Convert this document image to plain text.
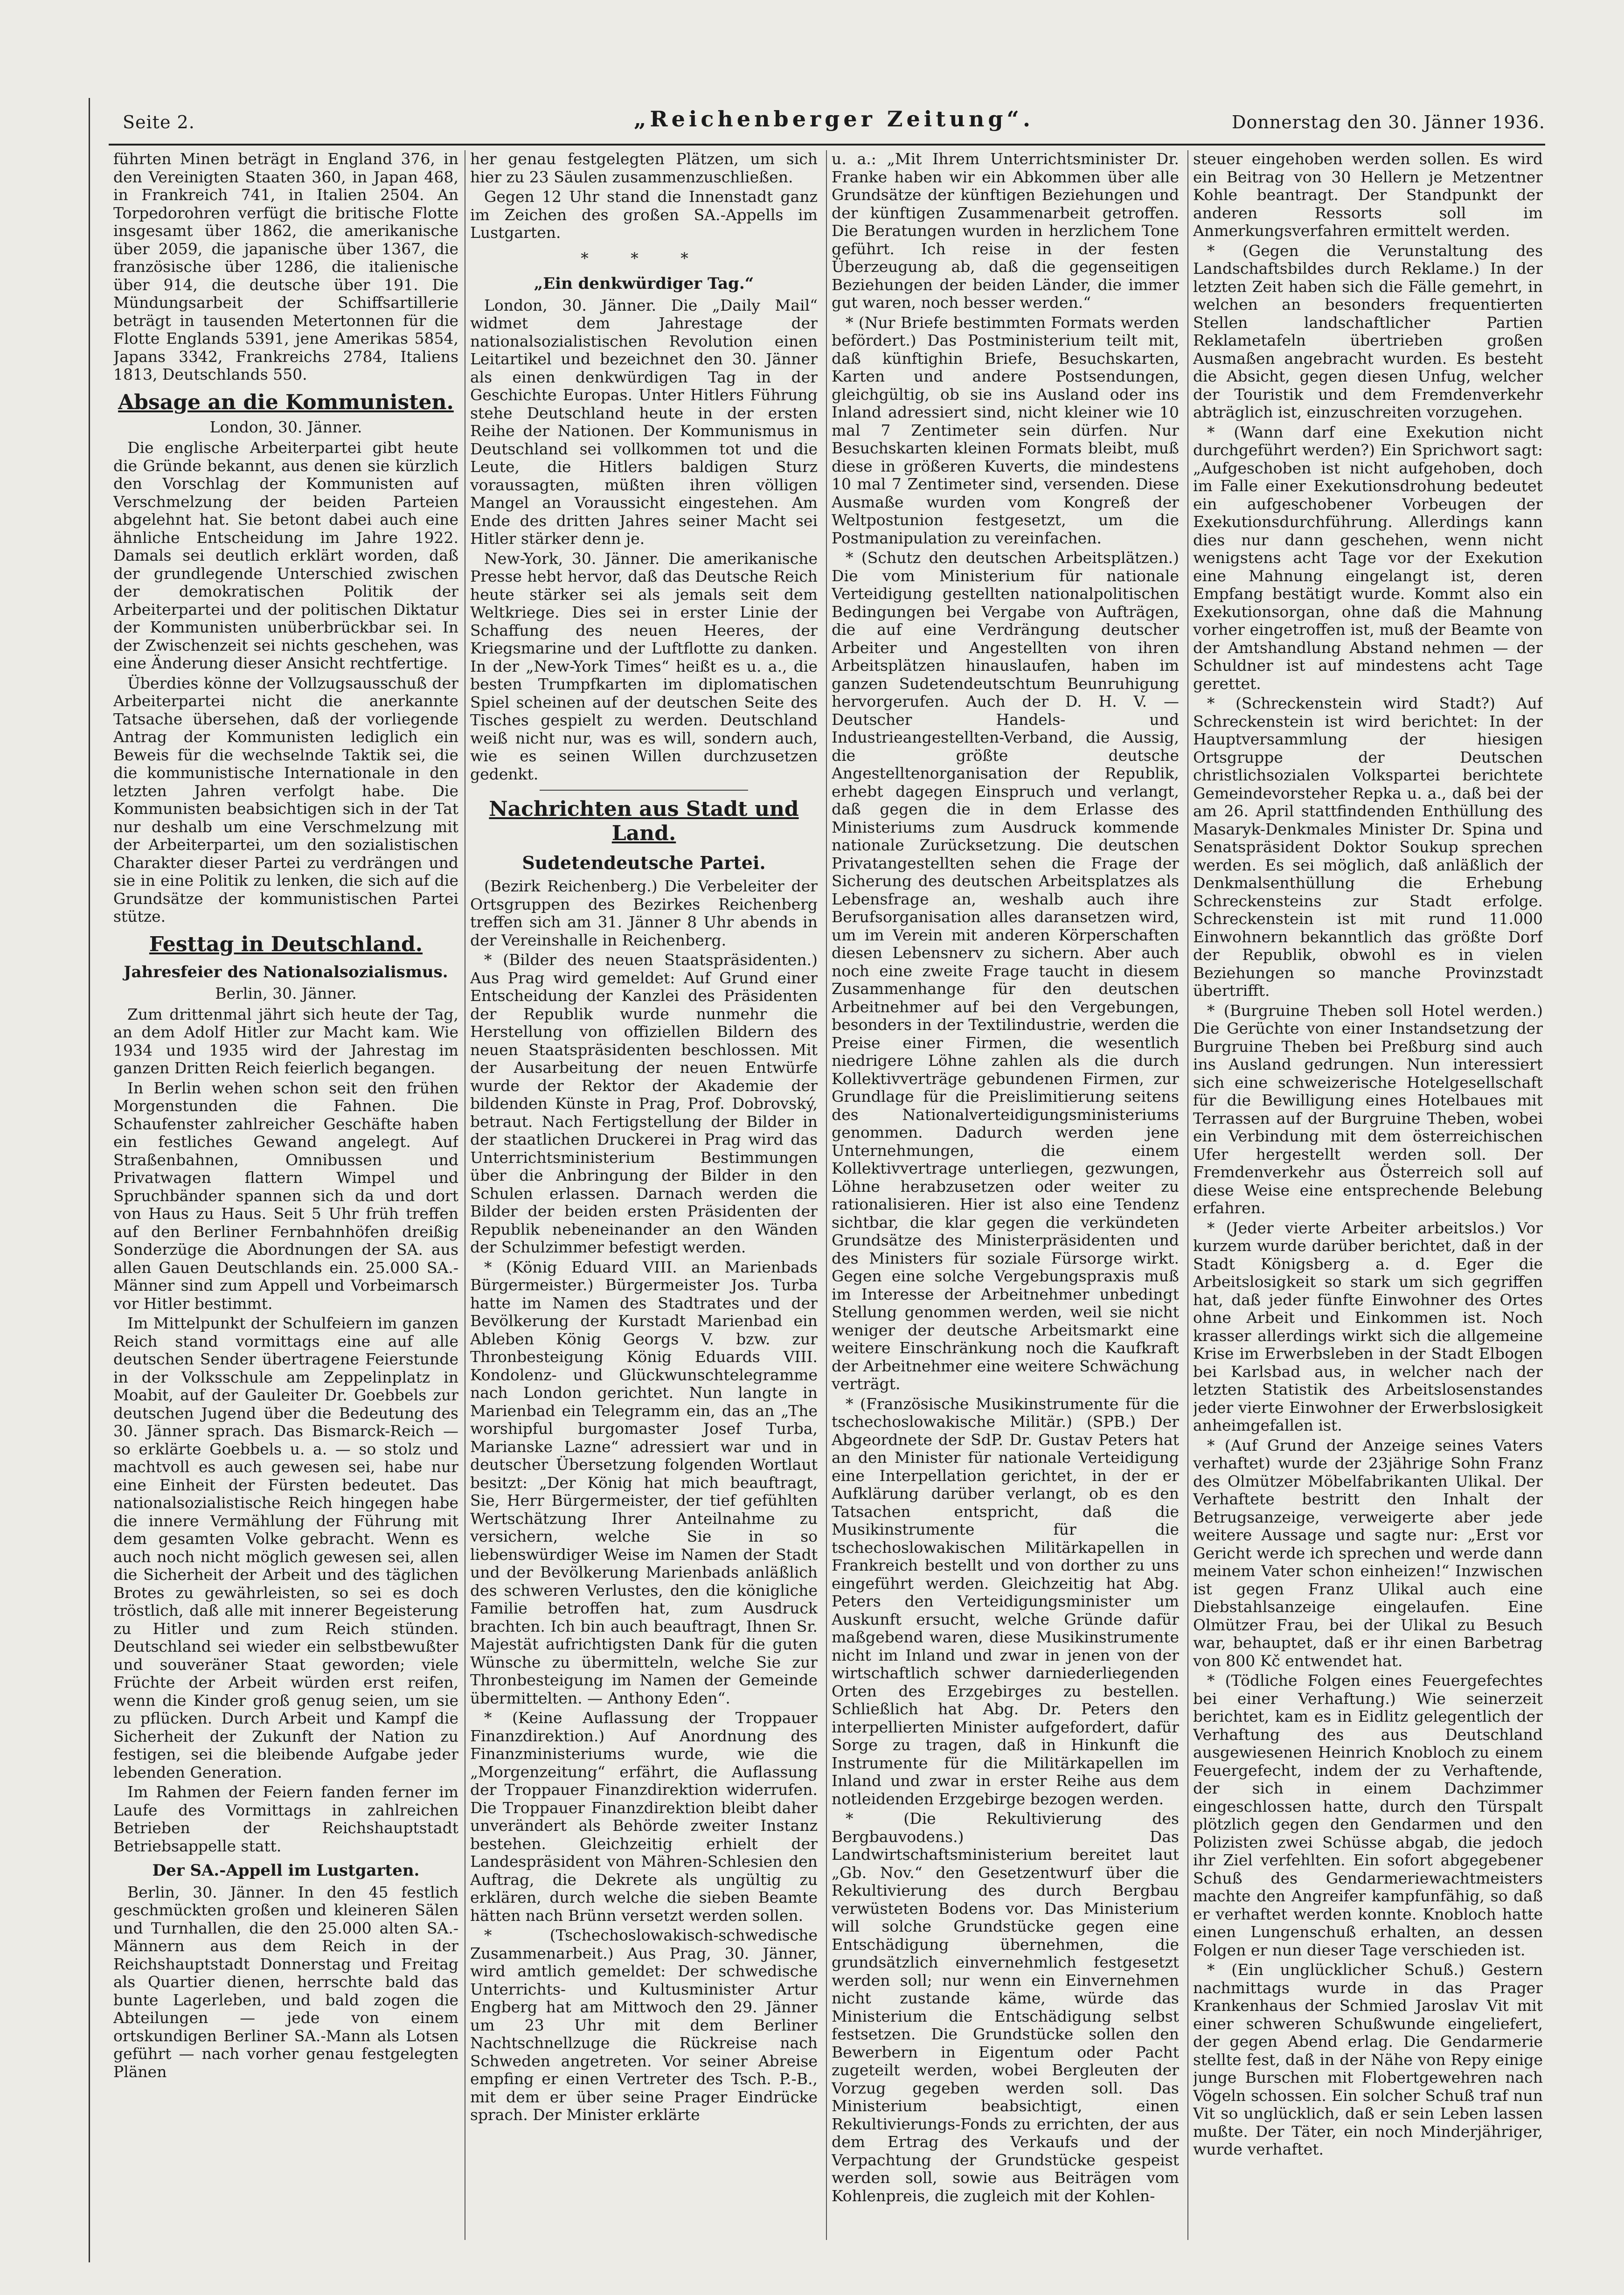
Seite 2.	„Reichenberger Zeitung“.	Donnerstag den 30. Jänner 1936.

führten Minen beträgt in England 376, in den Vereinigten Staaten 360, in Japan 468, in Frankreich 741, in Italien 2504. An Torpedorohren verfügt die britische Flotte insgesamt über 1862, die amerikanische über 2059, die japanische über 1367, die französische über 1286, die italienische über 914, die deutsche über 191. Die Mündungsarbeit der Schiffsartillerie beträgt in tausenden Metertonnen für die Flotte Englands 5391, jene Amerikas 5854, Japans 3342, Frankreichs 2784, Italiens 1813, Deutschlands 550.

Absage an die Kommunisten.
London, 30. Jänner.

Die englische Arbeiterpartei gibt heute die Gründe bekannt, aus denen sie kürzlich den Vorschlag der Kommunisten auf Verschmelzung der beiden Parteien abgelehnt hat. Sie betont dabei auch eine ähnliche Entscheidung im Jahre 1922. Damals sei deutlich erklärt worden, daß der grundlegende Unterschied zwischen der demokratischen Politik der Arbeiterpartei und der politischen Diktatur der Kommunisten unüberbrückbar sei. In der Zwischenzeit sei nichts geschehen, was eine Änderung dieser Ansicht rechtfertige.

Überdies könne der Vollzugsausschuß der Arbeiterpartei nicht die anerkannte Tatsache übersehen, daß der vorliegende Antrag der Kommunisten lediglich ein Beweis für die wechselnde Taktik sei, die die kommunistische Internationale in den letzten Jahren verfolgt habe. Die Kommunisten beabsichtigen sich in der Tat nur deshalb um eine Verschmelzung mit der Arbeiterpartei, um den sozialistischen Charakter dieser Partei zu verdrängen und sie in eine Politik zu lenken, die sich auf die Grundsätze der kommunistischen Partei stütze.

Festtag in Deutschland.
Jahresfeier des Nationalsozialismus.
Berlin, 30. Jänner.

Zum drittenmal jährt sich heute der Tag, an dem Adolf Hitler zur Macht kam. Wie 1934 und 1935 wird der Jahrestag im ganzen Dritten Reich feierlich begangen.

In Berlin wehen schon seit den frühen Morgenstunden die Fahnen. Die Schaufenster zahlreicher Geschäfte haben ein festliches Gewand angelegt. Auf Straßenbahnen, Omnibussen und Privatwagen flattern Wimpel und Spruchbänder spannen sich da und dort von Haus zu Haus. Seit 5 Uhr früh treffen auf den Berliner Fernbahnhöfen dreißig Sonderzüge die Abordnungen der SA. aus allen Gauen Deutschlands ein. 25.000 SA.-Männer sind zum Appell und Vorbeimarsch vor Hitler bestimmt.

Im Mittelpunkt der Schulfeiern im ganzen Reich stand vormittags eine auf alle deutschen Sender übertragene Feierstunde in der Volksschule am Zeppelinplatz in Moabit, auf der Gauleiter Dr. Goebbels zur deutschen Jugend über die Bedeutung des 30. Jänner sprach. Das Bismarck-Reich — so erklärte Goebbels u. a. — so stolz und machtvoll es auch gewesen sei, habe nur eine Einheit der Fürsten bedeutet. Das nationalsozialistische Reich hingegen habe die innere Vermählung der Führung mit dem gesamten Volke gebracht. Wenn es auch noch nicht möglich gewesen sei, allen die Sicherheit der Arbeit und des täglichen Brotes zu gewährleisten, so sei es doch tröstlich, daß alle mit innerer Begeisterung zu Hitler und zum Reich stünden. Deutschland sei wieder ein selbstbewußter und souveräner Staat geworden; viele Früchte der Arbeit würden erst reifen, wenn die Kinder groß genug seien, um sie zu pflücken. Durch Arbeit und Kampf die Sicherheit der Zukunft der Nation zu festigen, sei die bleibende Aufgabe jeder lebenden Generation.

Im Rahmen der Feiern fanden ferner im Laufe des Vormittags in zahlreichen Betrieben der Reichshauptstadt Betriebsappelle statt.

Der SA.-Appell im Lustgarten.

Berlin, 30. Jänner. In den 45 festlich geschmückten großen und kleineren Sälen und Turnhallen, die den 25.000 alten SA.-Männern aus dem Reich in der Reichshauptstadt Donnerstag und Freitag als Quartier dienen, herrschte bald das bunte Lagerleben, und bald zogen die Abteilungen — jede von einem ortskundigen Berliner SA.-Mann als Lotsen geführt — nach vorher genau festgelegten Plänen

her genau festgelegten Plätzen, um sich hier zu 23 Säulen zusammenzuschließen.

Gegen 12 Uhr stand die Innenstadt ganz im Zeichen des großen SA.-Appells im Lustgarten.

* * *
„Ein denkwürdiger Tag.“

London, 30. Jänner. Die „Daily Mail“ widmet dem Jahrestage der nationalsozialistischen Revolution einen Leitartikel und bezeichnet den 30. Jänner als einen denkwürdigen Tag in der Geschichte Europas. Unter Hitlers Führung stehe Deutschland heute in der ersten Reihe der Nationen. Der Kommunismus in Deutschland sei vollkommen tot und die Leute, die Hitlers baldigen Sturz voraussagten, müßten ihren völligen Mangel an Voraussicht eingestehen. Am Ende des dritten Jahres seiner Macht sei Hitler stärker denn je.

New-York, 30. Jänner. Die amerikanische Presse hebt hervor, daß das Deutsche Reich heute stärker sei als jemals seit dem Weltkriege. Dies sei in erster Linie der Schaffung des neuen Heeres, der Kriegsmarine und der Luftflotte zu danken. In der „New-York Times“ heißt es u. a., die besten Trumpfkarten im diplomatischen Spiel scheinen auf der deutschen Seite des Tisches gespielt zu werden. Deutschland weiß nicht nur, was es will, sondern auch, wie es seinen Willen durchzusetzen gedenkt.

Nachrichten aus Stadt und Land.
Sudetendeutsche Partei.

(Bezirk Reichenberg.) Die Verbeleiter der Ortsgruppen des Bezirkes Reichenberg treffen sich am 31. Jänner 8 Uhr abends in der Vereinshalle in Reichenberg.

* (Bilder des neuen Staatspräsidenten.) Aus Prag wird gemeldet: Auf Grund einer Entscheidung der Kanzlei des Präsidenten der Republik wurde nunmehr die Herstellung von offiziellen Bildern des neuen Staatspräsidenten beschlossen. Mit der Ausarbeitung der neuen Entwürfe wurde der Rektor der Akademie der bildenden Künste in Prag, Prof. Dobrovský, betraut. Nach Fertigstellung der Bilder in der staatlichen Druckerei in Prag wird das Unterrichtsministerium Bestimmungen über die Anbringung der Bilder in den Schulen erlassen. Darnach werden die Bilder der beiden ersten Präsidenten der Republik nebeneinander an den Wänden der Schulzimmer befestigt werden.

* (König Eduard VIII. an Marienbads Bürgermeister.) Bürgermeister Jos. Turba hatte im Namen des Stadtrates und der Bevölkerung der Kurstadt Marienbad ein Ableben König Georgs V. bzw. zur Thronbesteigung König Eduards VIII. Kondolenz- und Glückwunschtelegramme nach London gerichtet. Nun langte in Marienbad ein Telegramm ein, das an „The worshipful burgomaster Josef Turba, Marianske Lazne“ adressiert war und in deutscher Übersetzung folgenden Wortlaut besitzt: „Der König hat mich beauftragt, Sie, Herr Bürgermeister, der tief gefühlten Wertschätzung Ihrer Anteilnahme zu versichern, welche Sie in so liebenswürdiger Weise im Namen der Stadt und der Bevölkerung Marienbads anläßlich des schweren Verlustes, den die königliche Familie betroffen hat, zum Ausdruck brachten. Ich bin auch beauftragt, Ihnen Sr. Majestät aufrichtigsten Dank für die guten Wünsche zu übermitteln, welche Sie zur Thronbesteigung im Namen der Gemeinde übermittelten. — Anthony Eden“.

* (Keine Auflassung der Troppauer Finanzdirektion.) Auf Anordnung des Finanzministeriums wurde, wie die „Morgenzeitung“ erfährt, die Auflassung der Troppauer Finanzdirektion widerrufen. Die Troppauer Finanzdirektion bleibt daher unverändert als Behörde zweiter Instanz bestehen. Gleichzeitig erhielt der Landespräsident von Mähren-Schlesien den Auftrag, die Dekrete als ungültig zu erklären, durch welche die sieben Beamte hätten nach Brünn versetzt werden sollen.

* (Tschechoslowakisch-schwedische Zusammenarbeit.) Aus Prag, 30. Jänner, wird amtlich gemeldet: Der schwedische Unterrichts- und Kultusminister Artur Engberg hat am Mittwoch den 29. Jänner um 23 Uhr mit dem Berliner Nachtschnellzuge die Rückreise nach Schweden angetreten. Vor seiner Abreise empfing er einen Vertreter des Tsch. P.-B., mit dem er über seine Prager Eindrücke sprach. Der Minister erklärte

u. a.: „Mit Ihrem Unterrichtsminister Dr. Franke haben wir ein Abkommen über alle Grundsätze der künftigen Beziehungen und der künftigen Zusammenarbeit getroffen. Die Beratungen wurden in herzlichem Tone geführt. Ich reise in der festen Überzeugung ab, daß die gegenseitigen Beziehungen der beiden Länder, die immer gut waren, noch besser werden.“

* (Nur Briefe bestimmten Formats werden befördert.) Das Postministerium teilt mit, daß künftighin Briefe, Besuchskarten, Karten und andere Postsendungen, gleichgültig, ob sie ins Ausland oder ins Inland adressiert sind, nicht kleiner wie 10 mal 7 Zentimeter sein dürfen. Nur Besuchskarten kleinen Formats bleibt, muß diese in größeren Kuverts, die mindestens 10 mal 7 Zentimeter sind, versenden. Diese Ausmaße wurden vom Kongreß der Weltpostunion festgesetzt, um die Postmanipulation zu vereinfachen.

* (Schutz den deutschen Arbeitsplätzen.) Die vom Ministerium für nationale Verteidigung gestellten nationalpolitischen Bedingungen bei Vergabe von Aufträgen, die auf eine Verdrängung deutscher Arbeiter und Angestellten von ihren Arbeitsplätzen hinauslaufen, haben im ganzen Sudetendeutschtum Beunruhigung hervorgerufen. Auch der D. H. V. — Deutscher Handels- und Industrieangestellten-Verband, die Aussig, die größte deutsche Angestelltenorganisation der Republik, erhebt dagegen Einspruch und verlangt, daß gegen die in dem Erlasse des Ministeriums zum Ausdruck kommende nationale Zurücksetzung. Die deutschen Privatangestellten sehen die Frage der Sicherung des deutschen Arbeitsplatzes als Lebensfrage an, weshalb auch ihre Berufsorganisation alles daransetzen wird, um im Verein mit anderen Körperschaften diesen Lebensnerv zu sichern. Aber auch noch eine zweite Frage taucht in diesem Zusammenhange für den deutschen Arbeitnehmer auf bei den Vergebungen, besonders in der Textilindustrie, werden die Preise einer Firmen, die wesentlich niedrigere Löhne zahlen als die durch Kollektivverträge gebundenen Firmen, zur Grundlage für die Preislimitierung seitens des Nationalverteidigungsministeriums genommen. Dadurch werden jene Unternehmungen, die einem Kollektivvertrage unterliegen, gezwungen, Löhne herabzusetzen oder weiter zu rationalisieren. Hier ist also eine Tendenz sichtbar, die klar gegen die verkündeten Grundsätze des Ministerpräsidenten und des Ministers für soziale Fürsorge wirkt. Gegen eine solche Vergebungspraxis muß im Interesse der Arbeitnehmer unbedingt Stellung genommen werden, weil sie nicht weniger der deutsche Arbeitsmarkt eine weitere Einschränkung noch die Kaufkraft der Arbeitnehmer eine weitere Schwächung verträgt.

* (Französische Musikinstrumente für die tschechoslowakische Militär.) (SPB.) Der Abgeordnete der SdP. Dr. Gustav Peters hat an den Minister für nationale Verteidigung eine Interpellation gerichtet, in der er Aufklärung darüber verlangt, ob es den Tatsachen entspricht, daß die Musikinstrumente für die tschechoslowakischen Militärkapellen in Frankreich bestellt und von dorther zu uns eingeführt werden. Gleichzeitig hat Abg. Peters den Verteidigungsminister um Auskunft ersucht, welche Gründe dafür maßgebend waren, diese Musikinstrumente nicht im Inland und zwar in jenen von der wirtschaftlich schwer darniederliegenden Orten des Erzgebirges zu bestellen. Schließlich hat Abg. Dr. Peters den interpellierten Minister aufgefordert, dafür Sorge zu tragen, daß in Hinkunft die Instrumente für die Militärkapellen im Inland und zwar in erster Reihe aus dem notleidenden Erzgebirge bezogen werden.

* (Die Rekultivierung des Bergbauvodens.) Das Landwirtschaftsministerium bereitet laut „Gb. Nov.“ den Gesetzentwurf über die Rekultivierung des durch Bergbau verwüsteten Bodens vor. Das Ministerium will solche Grundstücke gegen eine Entschädigung übernehmen, die grundsätzlich einvernehmlich festgesetzt werden soll; nur wenn ein Einvernehmen nicht zustande käme, würde das Ministerium die Entschädigung selbst festsetzen. Die Grundstücke sollen den Bewerbern in Eigentum oder Pacht zugeteilt werden, wobei Bergleuten der Vorzug gegeben werden soll. Das Ministerium beabsichtigt, einen Rekultivierungs-Fonds zu errichten, der aus dem Ertrag des Verkaufs und der Verpachtung der Grundstücke gespeist werden soll, sowie aus Beiträgen vom Kohlenpreis, die zugleich mit der Kohlen-

steuer eingehoben werden sollen. Es wird ein Beitrag von 30 Hellern je Metzentner Kohle beantragt. Der Standpunkt der anderen Ressorts soll im Anmerkungsverfahren ermittelt werden.

* (Gegen die Verunstaltung des Landschaftsbildes durch Reklame.) In der letzten Zeit haben sich die Fälle gemehrt, in welchen an besonders frequentierten Stellen landschaftlicher Partien Reklametafeln übertrieben großen Ausmaßen angebracht wurden. Es besteht die Absicht, gegen diesen Unfug, welcher der Touristik und dem Fremdenverkehr abträglich ist, einzuschreiten vorzugehen.

* (Wann darf eine Exekution nicht durchgeführt werden?) Ein Sprichwort sagt: „Aufgeschoben ist nicht aufgehoben, doch im Falle einer Exekutionsdrohung bedeutet ein aufgeschobener Vorbeugen der Exekutionsdurchführung. Allerdings kann dies nur dann geschehen, wenn nicht wenigstens acht Tage vor der Exekution eine Mahnung eingelangt ist, deren Empfang bestätigt wurde. Kommt also ein Exekutionsorgan, ohne daß die Mahnung vorher eingetroffen ist, muß der Beamte von der Amtshandlung Abstand nehmen — der Schuldner ist auf mindestens acht Tage gerettet.

* (Schreckenstein wird Stadt?) Auf Schreckenstein ist wird berichtet: In der Hauptversammlung der hiesigen Ortsgruppe der Deutschen christlichsozialen Volkspartei berichtete Gemeindevorsteher Repka u. a., daß bei der am 26. April stattfindenden Enthüllung des Masaryk-Denkmales Minister Dr. Spina und Senatspräsident Doktor Soukup sprechen werden. Es sei möglich, daß anläßlich der Denkmalsenthüllung die Erhebung Schreckensteins zur Stadt erfolge. Schreckenstein ist mit rund 11.000 Einwohnern bekanntlich das größte Dorf der Republik, obwohl es in vielen Beziehungen so manche Provinzstadt übertrifft.

* (Burgruine Theben soll Hotel werden.) Die Gerüchte von einer Instandsetzung der Burgruine Theben bei Preßburg sind auch ins Ausland gedrungen. Nun interessiert sich eine schweizerische Hotelgesellschaft für die Bewilligung eines Hotelbaues mit Terrassen auf der Burgruine Theben, wobei ein Verbindung mit dem österreichischen Ufer hergestellt werden soll. Der Fremdenverkehr aus Österreich soll auf diese Weise eine entsprechende Belebung erfahren.

* (Jeder vierte Arbeiter arbeitslos.) Vor kurzem wurde darüber berichtet, daß in der Stadt Königsberg a. d. Eger die Arbeitslosigkeit so stark um sich gegriffen hat, daß jeder fünfte Einwohner des Ortes ohne Arbeit und Einkommen ist. Noch krasser allerdings wirkt sich die allgemeine Krise im Erwerbsleben in der Stadt Elbogen bei Karlsbad aus, in welcher nach der letzten Statistik des Arbeitslosenstandes jeder vierte Einwohner der Erwerbslosigkeit anheimgefallen ist.

* (Auf Grund der Anzeige seines Vaters verhaftet) wurde der 23jährige Sohn Franz des Olmützer Möbelfabrikanten Ulikal. Der Verhaftete bestritt den Inhalt der Betrugsanzeige, verweigerte aber jede weitere Aussage und sagte nur: „Erst vor Gericht werde ich sprechen und werde dann meinem Vater schon einheizen!“ Inzwischen ist gegen Franz Ulikal auch eine Diebstahlsanzeige eingelaufen. Eine Olmützer Frau, bei der Ulikal zu Besuch war, behauptet, daß er ihr einen Barbetrag von 800 Kč entwendet hat.

* (Tödliche Folgen eines Feuergefechtes bei einer Verhaftung.) Wie seinerzeit berichtet, kam es in Eidlitz gelegentlich der Verhaftung des aus Deutschland ausgewiesenen Heinrich Knobloch zu einem Feuergefecht, indem der zu Verhaftende, der sich in einem Dachzimmer eingeschlossen hatte, durch den Türspalt plötzlich gegen den Gendarmen und den Polizisten zwei Schüsse abgab, die jedoch ihr Ziel verfehlten. Ein sofort abgegebener Schuß des Gendarmeriewachtmeisters machte den Angreifer kampfunfähig, so daß er verhaftet werden konnte. Knobloch hatte einen Lungenschuß erhalten, an dessen Folgen er nun dieser Tage verschieden ist.

* (Ein unglücklicher Schuß.) Gestern nachmittags wurde in das Prager Krankenhaus der Schmied Jaroslav Vit mit einer schweren Schußwunde eingeliefert, der gegen Abend erlag. Die Gendarmerie stellte fest, daß in der Nähe von Repy einige junge Burschen mit Flobertgewehren nach Vögeln schossen. Ein solcher Schuß traf nun Vit so unglücklich, daß er sein Leben lassen mußte. Der Täter, ein noch Minderjähriger, wurde verhaftet.
